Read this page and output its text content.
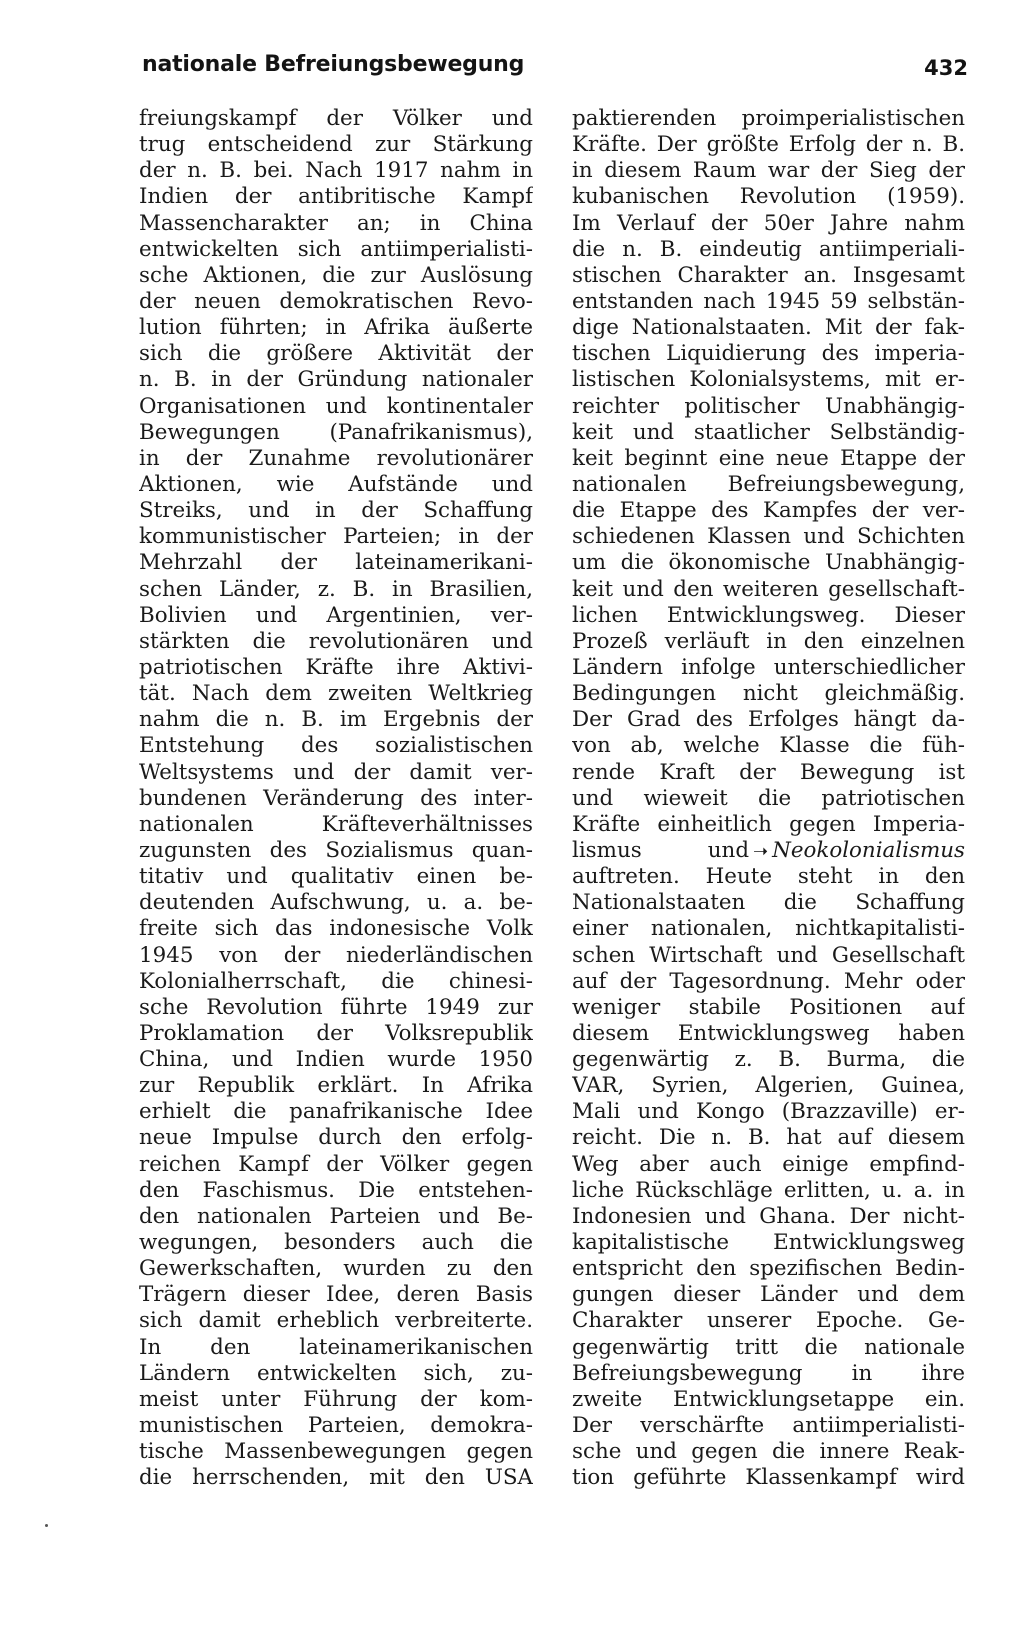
nationale Befreiungsbewegung	432
freiungskampf der Völker und
trug entscheidend zur Stärkung
der n. B. bei. Nach 1917 nahm in
Indien der antibritische Kampf
Massencharakter an; in China
entwickelten sich antiimperialisti-
sche Aktionen, die zur Auslösung
der neuen demokratischen Revo-
lution führten; in Afrika äußerte
sich die größere Aktivität der
n. B. in der Gründung nationaler
Organisationen und kontinentaler
Bewegungen (Panafrikanismus),
in der Zunahme revolutionärer
Aktionen, wie Aufstände und
Streiks, und in der Schaffung
kommunistischer Parteien; in der
Mehrzahl der lateinamerikani-
schen Länder, z. B. in Brasilien,
Bolivien und Argentinien, ver-
stärkten die revolutionären und
patriotischen Kräfte ihre Aktivi-
tät. Nach dem zweiten Weltkrieg
nahm die n. B. im Ergebnis der
Entstehung des sozialistischen
Weltsystems und der damit ver-
bundenen Veränderung des inter-
nationalen Kräfteverhältnisses
zugunsten des Sozialismus quan-
titativ und qualitativ einen be-
deutenden Aufschwung, u. a. be-
freite sich das indonesische Volk
1945 von der niederländischen
Kolonialherrschaft, die chinesi-
sche Revolution führte 1949 zur
Proklamation der Volksrepublik
China, und Indien wurde 1950
zur Republik erklärt. In Afrika
erhielt die panafrikanische Idee
neue Impulse durch den erfolg-
reichen Kampf der Völker gegen
den Faschismus. Die entstehen-
den nationalen Parteien und Be-
wegungen, besonders auch die
Gewerkschaften, wurden zu den
Trägern dieser Idee, deren Basis
sich damit erheblich verbreiterte.
In den lateinamerikanischen
Ländern entwickelten sich, zu-
meist unter Führung der kom-
munistischen Parteien, demokra-
tische Massenbewegungen gegen
die herrschenden, mit den USA
paktierenden proimperialistischen
Kräfte. Der größte Erfolg der n. B.
in diesem Raum war der Sieg der
kubanischen Revolution (1959).
Im Verlauf der 50er Jahre nahm
die n. B. eindeutig antiimperiali-
stischen Charakter an. Insgesamt
entstanden nach 1945 59 selbstän-
dige Nationalstaaten. Mit der fak-
tischen Liquidierung des imperia-
listischen Kolonialsystems, mit er-
reichter politischer Unabhängig-
keit und staatlicher Selbständig-
keit beginnt eine neue Etappe der
nationalen Befreiungsbewegung,
die Etappe des Kampfes der ver-
schiedenen Klassen und Schichten
um die ökonomische Unabhängig-
keit und den weiteren gesellschaft-
lichen Entwicklungsweg. Dieser
Prozeß verläuft in den einzelnen
Ländern infolge unterschiedlicher
Bedingungen nicht gleichmäßig.
Der Grad des Erfolges hängt da-
von ab, welche Klasse die füh-
rende Kraft der Bewegung ist
und wieweit die patriotischen
Kräfte einheitlich gegen Imperia-
lismus und ➝ Neokolonialismus
auftreten. Heute steht in den
Nationalstaaten die Schaffung
einer nationalen, nichtkapitalisti-
schen Wirtschaft und Gesellschaft
auf der Tagesordnung. Mehr oder
weniger stabile Positionen auf
diesem Entwicklungsweg haben
gegenwärtig z. B. Burma, die
VAR, Syrien, Algerien, Guinea,
Mali und Kongo (Brazzaville) er-
reicht. Die n. B. hat auf diesem
Weg aber auch einige empfind-
liche Rückschläge erlitten, u. a. in
Indonesien und Ghana. Der nicht-
kapitalistische Entwicklungsweg
entspricht den spezifischen Bedin-
gungen dieser Länder und dem
Charakter unserer Epoche. Ge-
gegenwärtig tritt die nationale
Befreiungsbewegung in ihre
zweite Entwicklungsetappe ein.
Der verschärfte antiimperialisti-
sche und gegen die innere Reak-
tion geführte Klassenkampf wird
